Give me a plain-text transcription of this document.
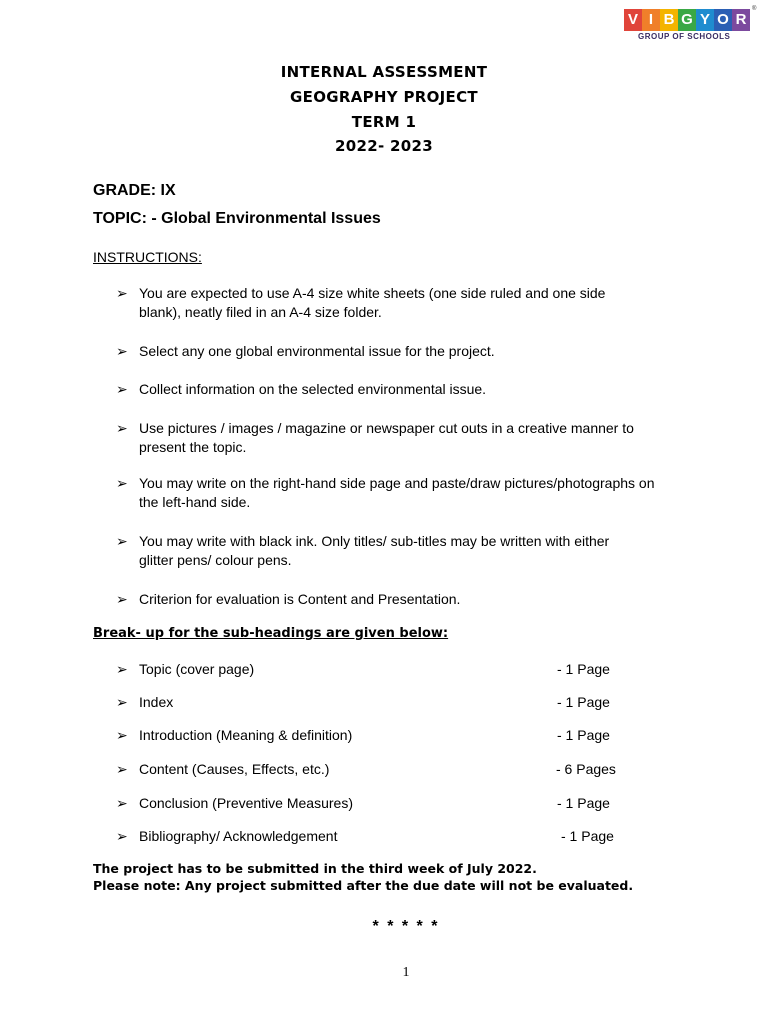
V I B G Y O R
®
GROUP OF SCHOOLS
INTERNAL ASSESSMENT
GEOGRAPHY PROJECT
TERM 1
2022- 2023
GRADE: IX
TOPIC: - Global Environmental Issues
INSTRUCTIONS:
➢ You are expected to use A-4 size white sheets (one side ruled and one side
blank), neatly filed in an A-4 size folder.
➢ Select any one global environmental issue for the project.
➢ Collect information on the selected environmental issue.
➢ Use pictures / images / magazine or newspaper cut outs in a creative manner to
present the topic.
➢ You may write on the right-hand side page and paste/draw pictures/photographs on
the left-hand side.
➢ You may write with black ink. Only titles/ sub-titles may be written with either
glitter pens/ colour pens.
➢ Criterion for evaluation is Content and Presentation.
Break- up for the sub-headings are given below:
➢ Topic (cover page)	- 1 Page
➢ Index	- 1 Page
➢ Introduction (Meaning & definition)	- 1 Page
➢ Content (Causes, Effects, etc.)	- 6 Pages
➢ Conclusion (Preventive Measures)	- 1 Page
➢ Bibliography/ Acknowledgement	- 1 Page
The project has to be submitted in the third week of July 2022.
Please note: Any project submitted after the due date will not be evaluated.
* * * * *
1
